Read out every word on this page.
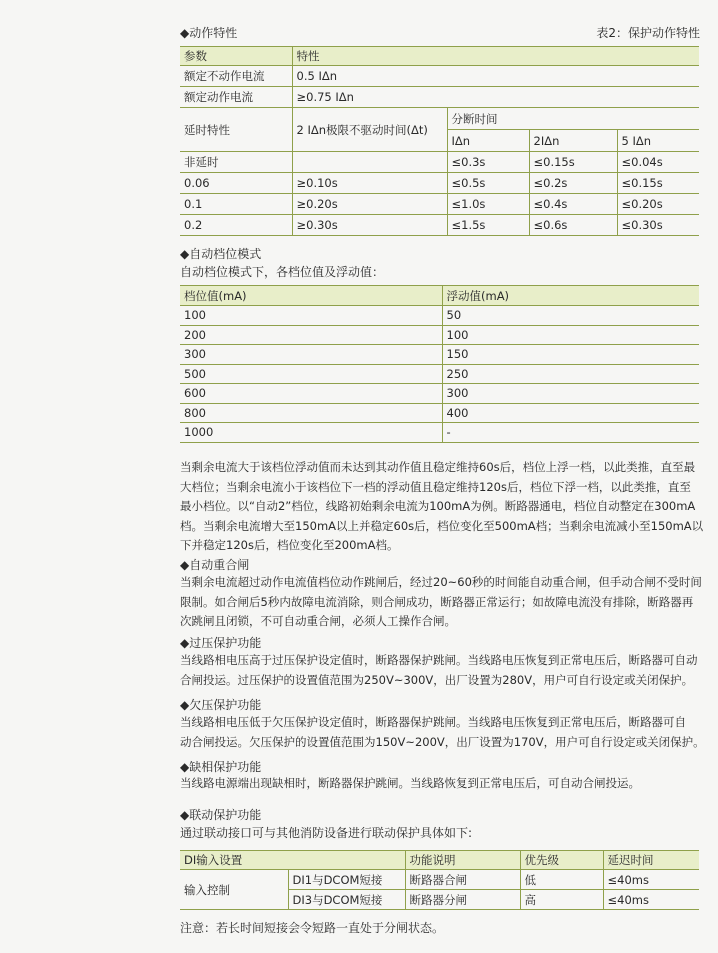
◆动作特性	表2：保护动作特性
参数	特性			
额定不动作电流	0.5 IΔn			
额定动作电流	≥0.75 IΔn			
延时特性	2 IΔn极限不驱动时间(Δt)	分断时间		
		IΔn	2IΔn	5 IΔn
非延时		≤0.3s	≤0.15s	≤0.04s
0.06	≥0.10s	≤0.5s	≤0.2s	≤0.15s
0.1	≥0.20s	≤1.0s	≤0.4s	≤0.20s
0.2	≥0.30s	≤1.5s	≤0.6s	≤0.30s
◆自动档位模式
自动档位模式下，各档位值及浮动值：
档位值(mA)	浮动值(mA)
100	50
200	100
300	150
500	250
600	300
800	400
1000	-
当剩余电流大于该档位浮动值而未达到其动作值且稳定维持60s后，档位上浮一档，以此类推，直至最
大档位；当剩余电流小于该档位下一档的浮动值且稳定维持120s后，档位下浮一档，以此类推，直至
最小档位。以“自动2”档位，线路初始剩余电流为100mA为例。断路器通电，档位自动整定在300mA
档。当剩余电流增大至150mA以上并稳定60s后，档位变化至500mA档；当剩余电流减小至150mA以
下并稳定120s后，档位变化至200mA档。
◆自动重合闸
当剩余电流超过动作电流值档位动作跳闸后，经过20~60秒的时间能自动重合闸，但手动合闸不受时间
限制。如合闸后5秒内故障电流消除，则合闸成功，断路器正常运行；如故障电流没有排除，断路器再
次跳闸且闭锁，不可自动重合闸，必须人工操作合闸。
◆过压保护功能
当线路相电压高于过压保护设定值时，断路器保护跳闸。当线路电压恢复到正常电压后，断路器可自动
合闸投运。过压保护的设置值范围为250V~300V，出厂设置为280V，用户可自行设定或关闭保护。
◆欠压保护功能
当线路相电压低于欠压保护设定值时，断路器保护跳闸。当线路电压恢复到正常电压后，断路器可自
动合闸投运。欠压保护的设置值范围为150V~200V，出厂设置为170V，用户可自行设定或关闭保护。
◆缺相保护功能
当线路电源端出现缺相时，断路器保护跳闸。当线路恢复到正常电压后，可自动合闸投运。
◆联动保护功能
通过联动接口可与其他消防设备进行联动保护具体如下:
DI输入设置		功能说明	优先级	延迟时间
输入控制	DI1与DCOM短接	断路器合闸	低	≤40ms
	DI3与DCOM短接	断路器分闸	高	≤40ms
注意：若长时间短接会令短路一直处于分闸状态。
